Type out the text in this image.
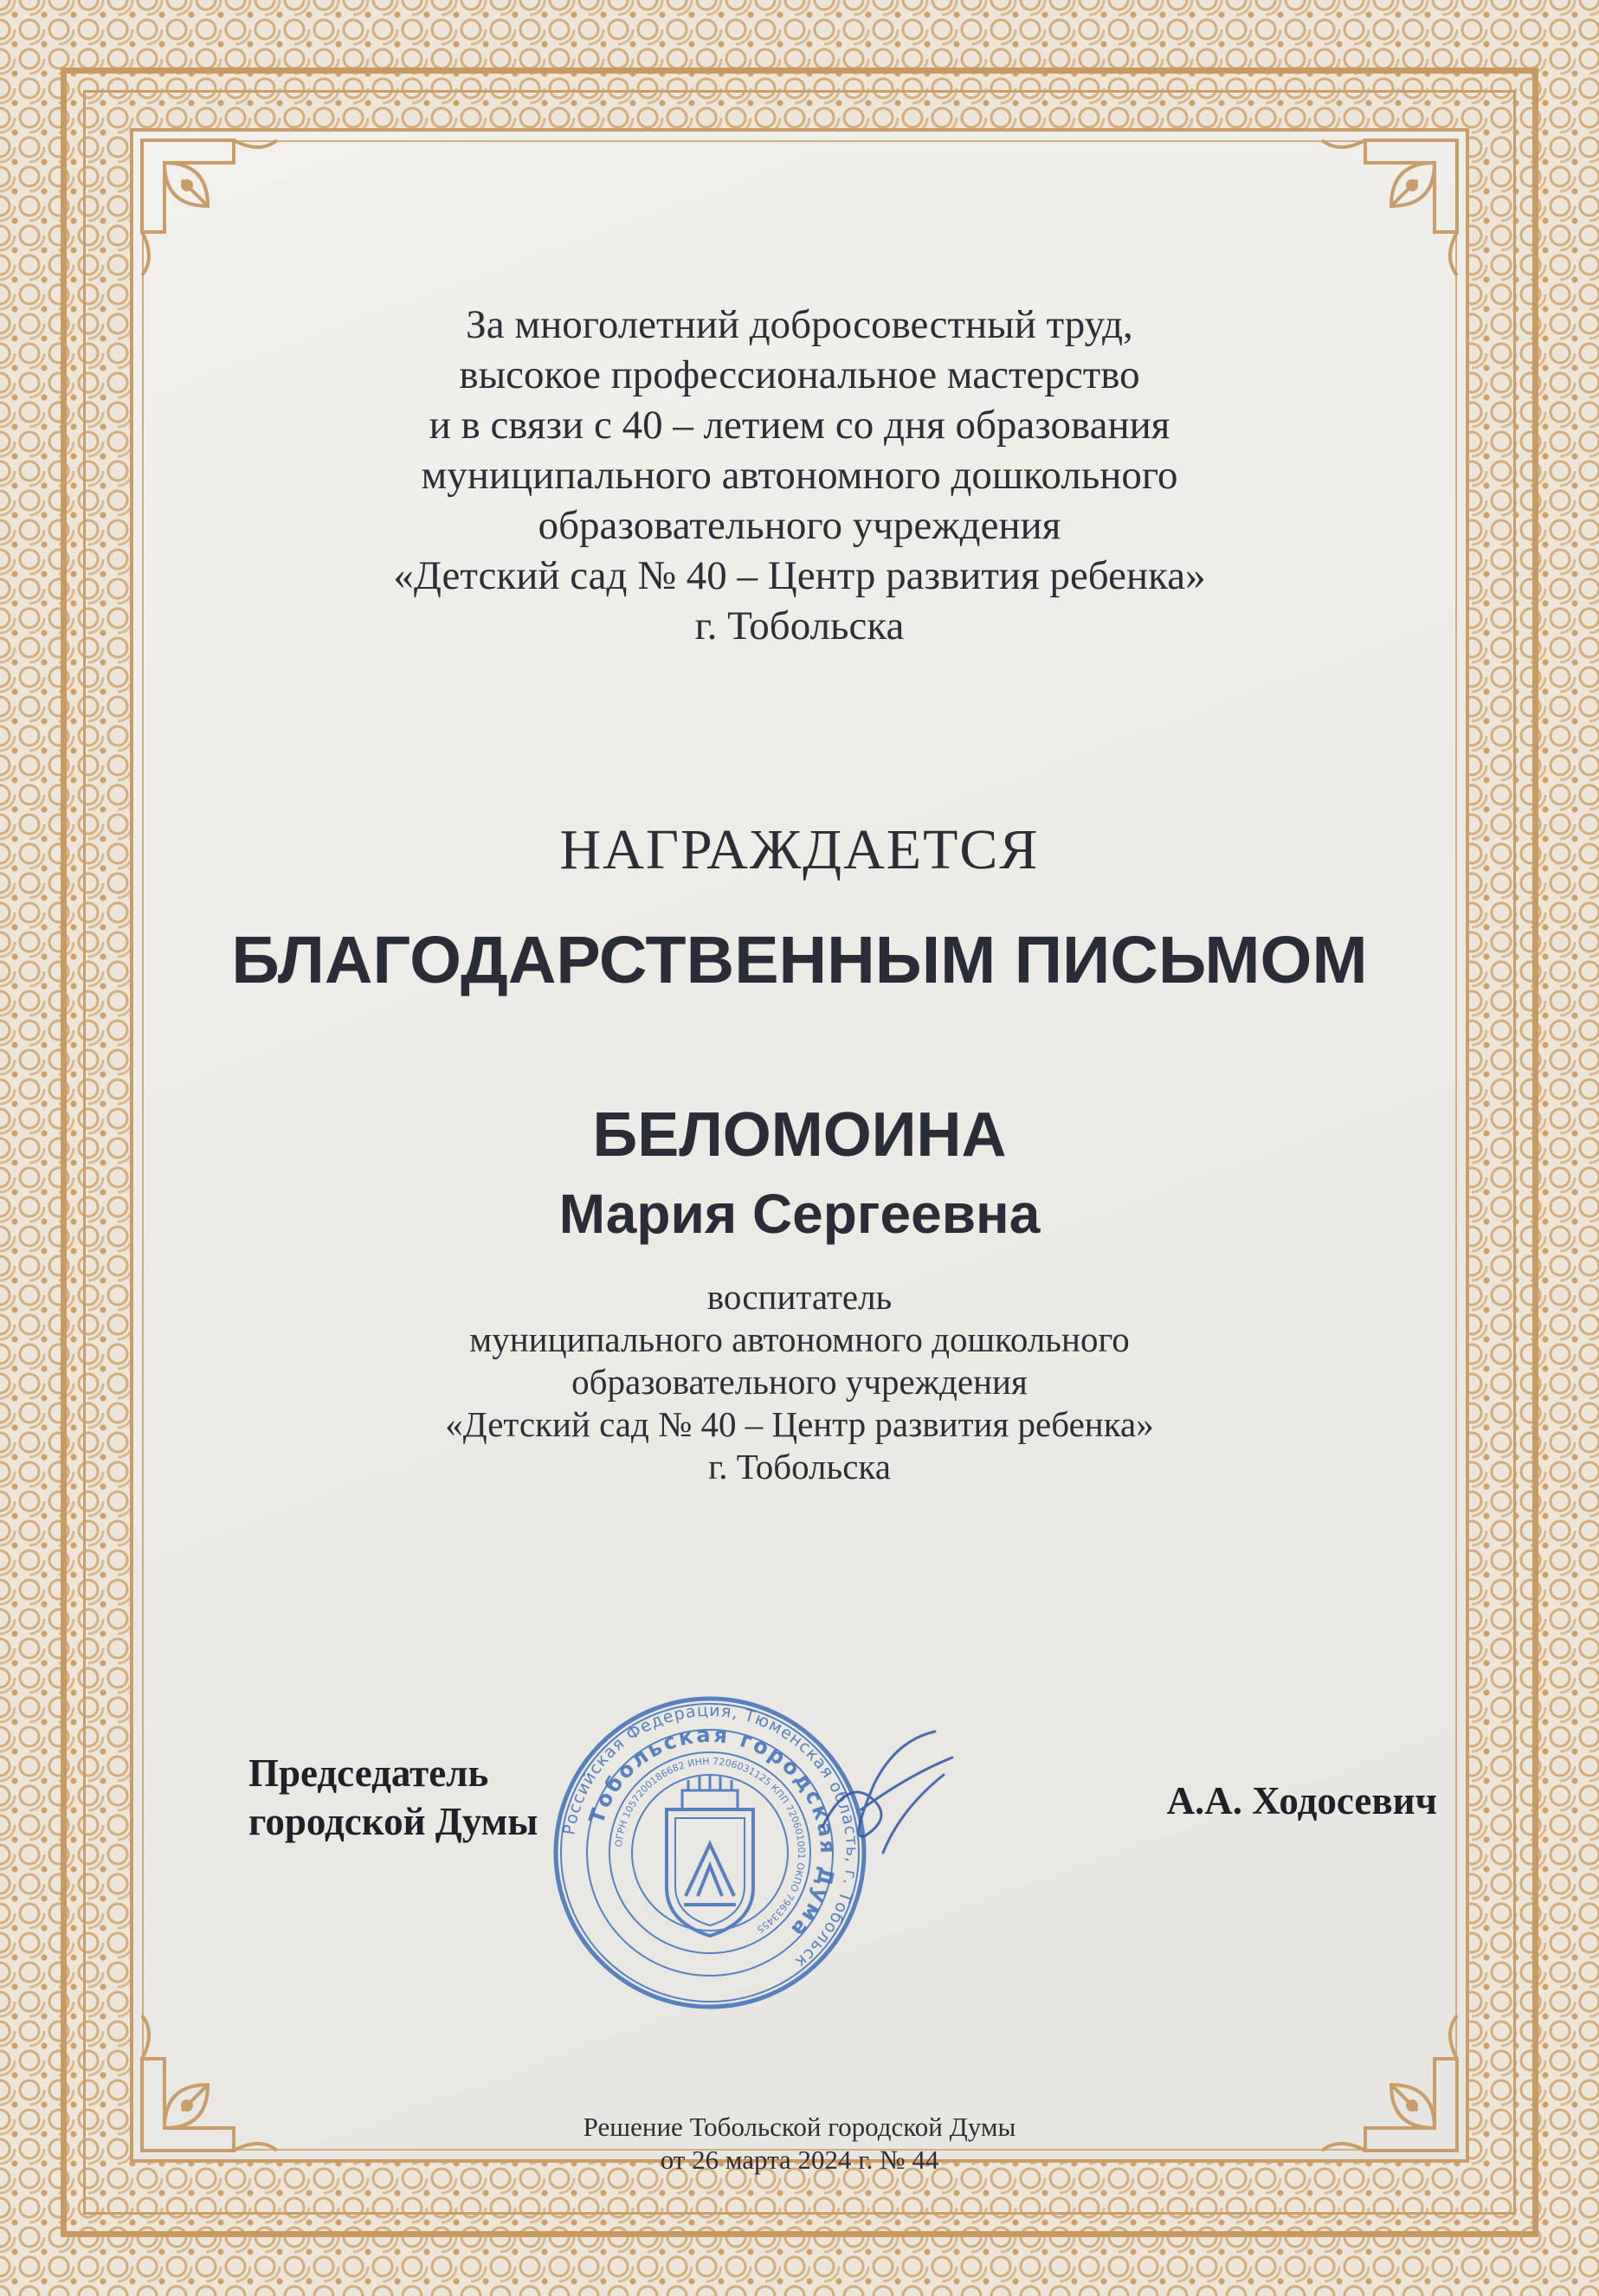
За многолетний добросовестный труд,
высокое профессиональное мастерство
и в связи с 40 – летием со дня образования
муниципального автономного дошкольного
образовательного учреждения
«Детский сад № 40 – Центр развития ребенка»
г. Тобольска
НАГРАЖДАЕТСЯ
БЛАГОДАРСТВЕННЫМ ПИСЬМОМ
БЕЛОМОИНА
Мария Сергеевна
воспитатель
муниципального автономного дошкольного
образовательного учреждения
«Детский сад № 40 – Центр развития ребенка»
г. Тобольска
Российская Федерация, Тюменская область, г. Тобольск
Тобольская городская Дума
ОГРН 1057200186682 ИНН 7206031125 КПП 720601001 ОКПО 79633455
Председатель
городской Думы	А.А. Ходосевич
Решение Тобольской городской Думы
от 26 марта 2024 г. № 44
